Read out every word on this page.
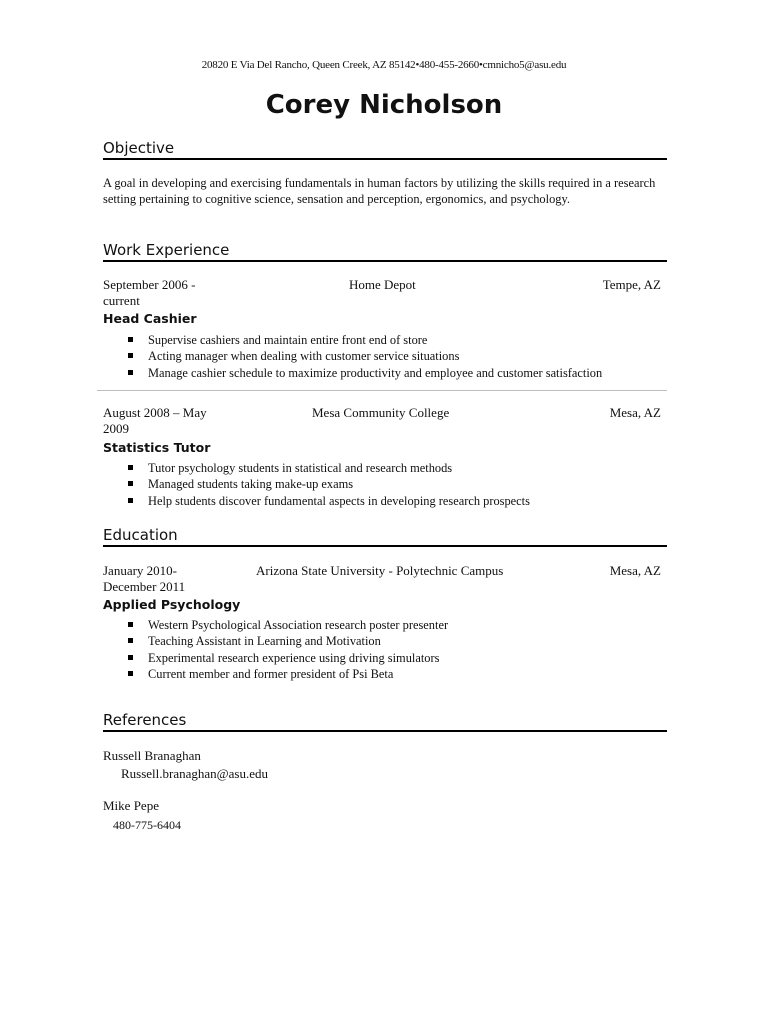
20820 E Via Del Rancho, Queen Creek, AZ 85142•480-455-2660•cmnicho5@asu.edu
Corey Nicholson
Objective
A goal in developing and exercising fundamentals in human factors by utilizing the skills required in a research setting pertaining to cognitive science, sensation and perception, ergonomics, and psychology.
Work Experience
September 2006 -current
Home Depot	Tempe, AZ
Head Cashier
Supervise cashiers and maintain entire front end of store
Acting manager when dealing with customer service situations
Manage cashier schedule to maximize productivity and employee and customer satisfaction
August 2008 – May 2009
Mesa Community College	Mesa, AZ
Statistics Tutor
Tutor psychology students in statistical and research methods
Managed students taking make-up exams
Help students discover fundamental aspects in developing research prospects
Education
January 2010- December 2011
Arizona State University - Polytechnic Campus	Mesa, AZ
Applied Psychology
Western Psychological Association research poster presenter
Teaching Assistant in Learning and Motivation
Experimental research experience using driving simulators
Current member and former president of Psi Beta
References
Russell Branaghan
Russell.branaghan@asu.edu
Mike Pepe
480-775-6404
